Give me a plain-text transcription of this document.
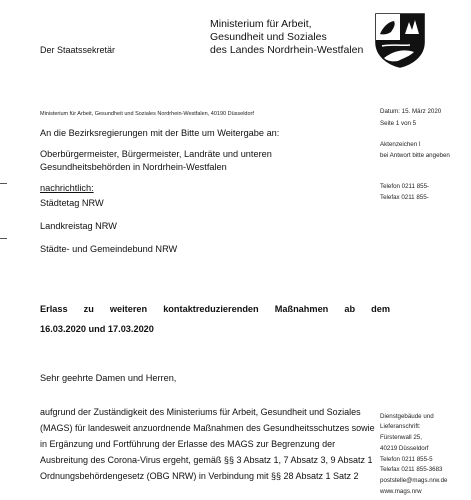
Der Staatssekretär
Ministerium für Arbeit,
Gesundheit und Soziales
des Landes Nordrhein-Westfalen
Ministerium für Arbeit, Gesundheit und Soziales Nordrhein-Westfalen, 40190 Düsseldorf
An die Bezirksregierungen mit der Bitte um Weitergabe an:
Oberbürgermeister, Bürgermeister, Landräte und unteren
Gesundheitsbehörden in Nordrhein-Westfalen
nachrichtlich:
Städtetag NRW
Landkreistag NRW
Städte- und Gemeindebund NRW
Erlass zu weiteren kontaktreduzierenden Maßnahmen ab dem
16.03.2020 und 17.03.2020
Sehr geehrte Damen und Herren,
aufgrund der Zuständigkeit des Ministeriums für Arbeit, Gesundheit und Soziales (MAGS) für landesweit anzuordnende Maßnahmen des Gesundheitsschutzes sowie in Ergänzung und Fortführung der Erlasse des MAGS zur Begrenzung der Ausbreitung des Corona-Virus ergeht, gemäß §§ 3 Absatz 1, 7 Absatz 3, 9 Absatz 1 Ordnungsbehördengesetz (OBG NRW) in Verbindung mit §§ 28 Absatz 1 Satz 2
Datum: 15. März 2020
Seite 1 von 5
Aktenzeichen I
bei Antwort bitte angeben
Telefon 0211 855-
Telefax 0211 855-
Dienstgebäude und
Lieferanschrift:
Fürstenwall 25,
40219 Düsseldorf
Telefon 0211 855-5
Telefax 0211 855-3683
poststelle@mags.nrw.de
www.mags.nrw
